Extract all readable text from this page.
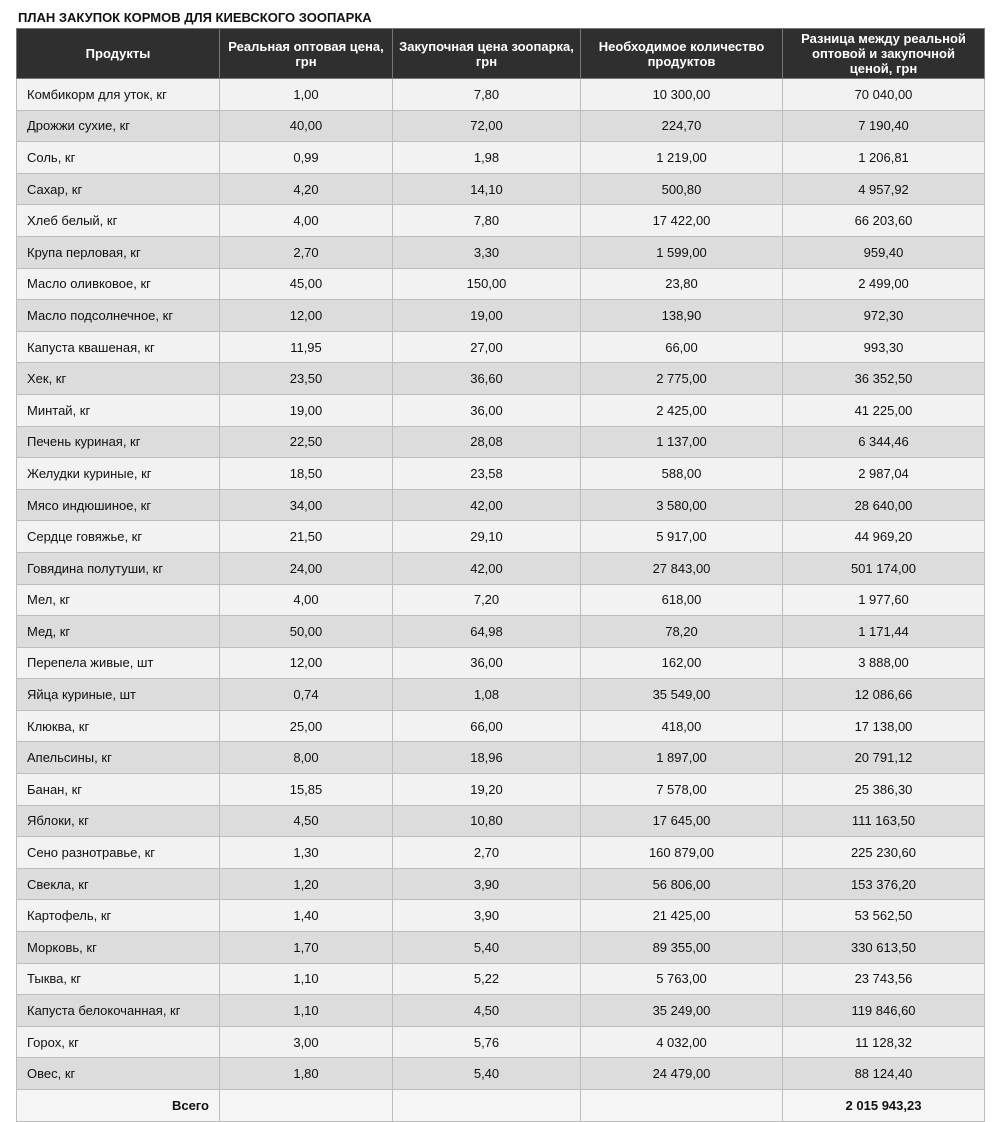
ПЛАН ЗАКУПОК КОРМОВ ДЛЯ КИЕВСКОГО ЗООПАРКА
Продукты	Реальная оптовая цена, грн	Закупочная цена зоопарка, грн	Необходимое количество продуктов	Разница между реальной оптовой и закупочной ценой, грн
Комбикорм для уток, кг	1,00	7,80	10 300,00	70 040,00
Дрожжи сухие, кг	40,00	72,00	224,70	7 190,40
Соль, кг	0,99	1,98	1 219,00	1 206,81
Сахар, кг	4,20	14,10	500,80	4 957,92
Хлеб белый, кг	4,00	7,80	17 422,00	66 203,60
Крупа перловая, кг	2,70	3,30	1 599,00	959,40
Масло оливковое, кг	45,00	150,00	23,80	2 499,00
Масло подсолнечное, кг	12,00	19,00	138,90	972,30
Капуста квашеная, кг	11,95	27,00	66,00	993,30
Хек, кг	23,50	36,60	2 775,00	36 352,50
Минтай, кг	19,00	36,00	2 425,00	41 225,00
Печень куриная, кг	22,50	28,08	1 137,00	6 344,46
Желудки куриные, кг	18,50	23,58	588,00	2 987,04
Мясо индюшиное, кг	34,00	42,00	3 580,00	28 640,00
Сердце говяжье, кг	21,50	29,10	5 917,00	44 969,20
Говядина полутуши, кг	24,00	42,00	27 843,00	501 174,00
Мел, кг	4,00	7,20	618,00	1 977,60
Мед, кг	50,00	64,98	78,20	1 171,44
Перепела живые, шт	12,00	36,00	162,00	3 888,00
Яйца куриные, шт	0,74	1,08	35 549,00	12 086,66
Клюква, кг	25,00	66,00	418,00	17 138,00
Апельсины, кг	8,00	18,96	1 897,00	20 791,12
Банан, кг	15,85	19,20	7 578,00	25 386,30
Яблоки, кг	4,50	10,80	17 645,00	111 163,50
Сено разнотравье, кг	1,30	2,70	160 879,00	225 230,60
Свекла, кг	1,20	3,90	56 806,00	153 376,20
Картофель, кг	1,40	3,90	21 425,00	53 562,50
Морковь, кг	1,70	5,40	89 355,00	330 613,50
Тыква, кг	1,10	5,22	5 763,00	23 743,56
Капуста белокочанная, кг	1,10	4,50	35 249,00	119 846,60
Горох, кг	3,00	5,76	4 032,00	11 128,32
Овес, кг	1,80	5,40	24 479,00	88 124,40
Всего				2 015 943,23
